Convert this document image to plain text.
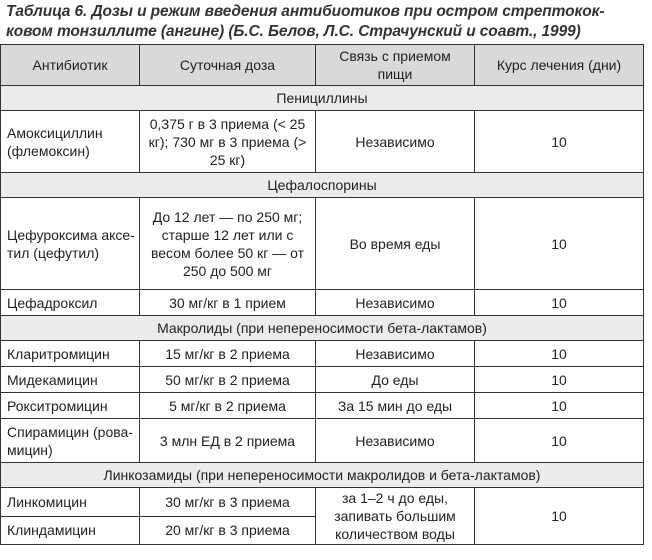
Таблица 6. Дозы и режим введения антибиотиков при остром стрептокок-ковом тонзиллите (ангине) (Б.С. Белов, Л.С. Страчунский и соавт., 1999)
Антибиотик	Суточная доза	Связь с приемом пищи	Курс лечения (дни)
Пенициллины			
Амоксициллин (флемоксин)	0,375 г в 3 приема (< 25 кг); 730 мг в 3 приема (> 25 кг)	Независимо	10
Цефалоспорины			
Цефуроксима аксе-тил (цефутил)	До 12 лет — по 250 мг; старше 12 лет или с весом более 50 кг — от 250 до 500 мг	Во время еды	10
Цефадроксил	30 мг/кг в 1 прием	Независимо	10
Макролиды (при непереносимости бета-лактамов)			
Кларитромицин	15 мг/кг в 2 приема	Независимо	10
Мидекамицин	50 мг/кг в 2 приема	До еды	10
Рокситромицин	5 мг/кг в 2 приема	За 15 мин до еды	10
Спирамицин (рова-мицин)	3 млн ЕД в 2 приема	Независимо	10
Линкозамиды (при непереносимости макролидов и бета-лактамов)			
Линкомицин	30 мг/кг в 3 приема	за 1–2 ч до еды, запивать большим количеством воды	10
Клиндамицин	20 мг/кг в 3 приема		
